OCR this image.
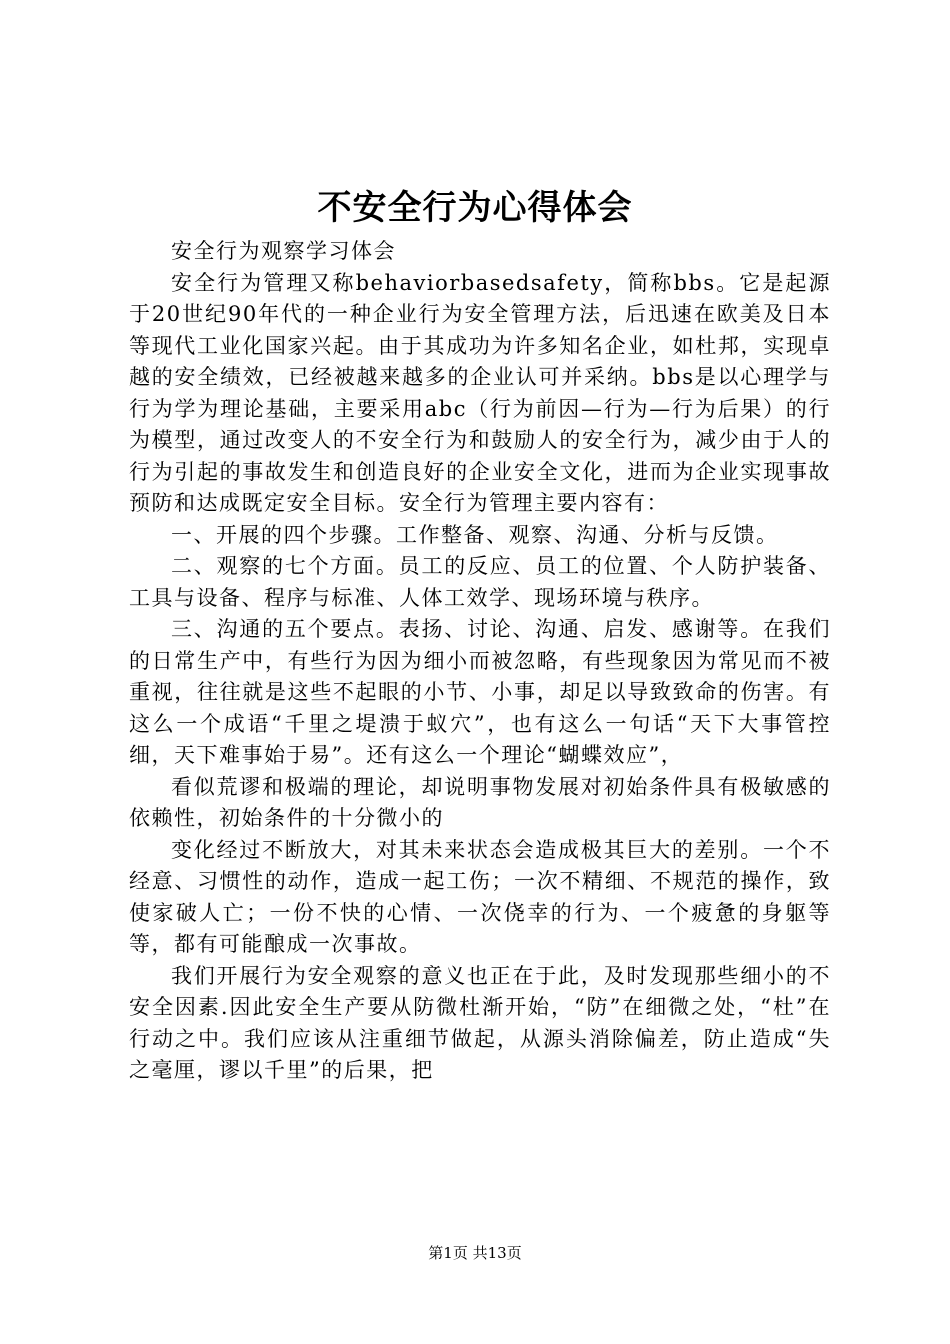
不安全行为心得体会

安全行为观察学习体会

安全行为管理又称behaviorbasedsafety，简称bbs。它是起源于20世纪90年代的一种企业行为安全管理方法，后迅速在欧美及日本等现代工业化国家兴起。由于其成功为许多知名企业，如杜邦，实现卓越的安全绩效，已经被越来越多的企业认可并采纳。bbs是以心理学与行为学为理论基础，主要采用abc（行为前因—行为—行为后果）的行为模型，通过改变人的不安全行为和鼓励人的安全行为，减少由于人的行为引起的事故发生和创造良好的企业安全文化，进而为企业实现事故预防和达成既定安全目标。安全行为管理主要内容有：

一、开展的四个步骤。工作整备、观察、沟通、分析与反馈。

二、观察的七个方面。员工的反应、员工的位置、个人防护装备、工具与设备、程序与标准、人体工效学、现场环境与秩序。

三、沟通的五个要点。表扬、讨论、沟通、启发、感谢等。在我们的日常生产中，有些行为因为细小而被忽略，有些现象因为常见而不被重视，往往就是这些不起眼的小节、小事，却足以导致致命的伤害。有这么一个成语“千里之堤溃于蚁穴”，也有这么一句话“天下大事管控细，天下难事始于易”。还有这么一个理论“蝴蝶效应”，

看似荒谬和极端的理论，却说明事物发展对初始条件具有极敏感的依赖性，初始条件的十分微小的

变化经过不断放大，对其未来状态会造成极其巨大的差别。一个不经意、习惯性的动作，造成一起工伤；一次不精细、不规范的操作，致使家破人亡；一份不快的心情、一次侥幸的行为、一个疲惫的身躯等等，都有可能酿成一次事故。

我们开展行为安全观察的意义也正在于此，及时发现那些细小的不安全因素.因此安全生产要从防微杜渐开始，“防”在细微之处，“杜”在行动之中。我们应该从注重细节做起，从源头消除偏差，防止造成“失之毫厘，谬以千里”的后果，把

第1页 共13页
